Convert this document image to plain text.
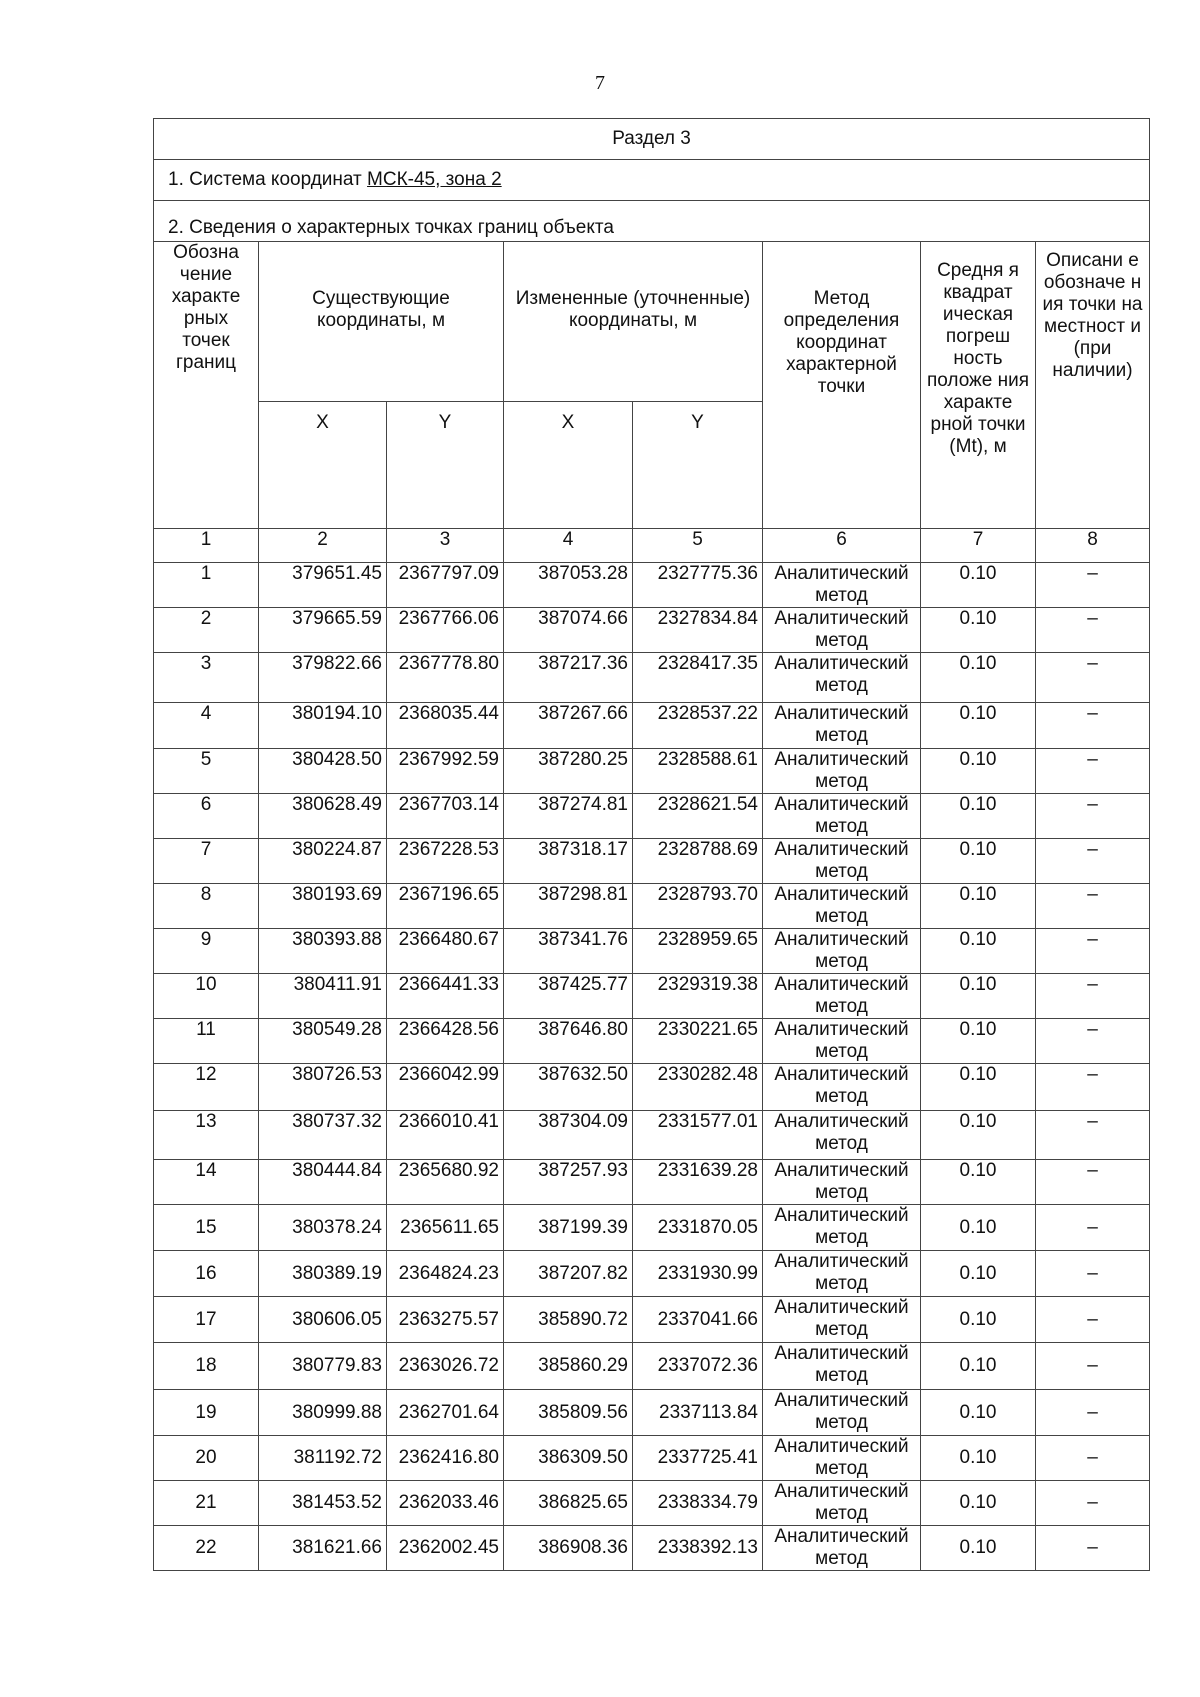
7
Раздел 3							
1. Система координат МСК-45, зона 2							
2. Сведения о характерных точках границ объекта							
Обозна чение характе рных точек границ	Существующие координаты, м		Измененные (уточненные) координаты, м		Метод определения координат характерной точки	Средня я квадрат ическая погреш ность положе ния характе рной точки (Mt), м	Описани е обозначе н ия точки на местност и (при наличии)
	X	Y	X	Y			
1	2	3	4	5	6	7	8
1	379651.45	2367797.09	387053.28	2327775.36	Аналитический метод	0.10	–
2	379665.59	2367766.06	387074.66	2327834.84	Аналитический метод	0.10	–
3	379822.66	2367778.80	387217.36	2328417.35	Аналитический метод	0.10	–
4	380194.10	2368035.44	387267.66	2328537.22	Аналитический метод	0.10	–
5	380428.50	2367992.59	387280.25	2328588.61	Аналитический метод	0.10	–
6	380628.49	2367703.14	387274.81	2328621.54	Аналитический метод	0.10	–
7	380224.87	2367228.53	387318.17	2328788.69	Аналитический метод	0.10	–
8	380193.69	2367196.65	387298.81	2328793.70	Аналитический метод	0.10	–
9	380393.88	2366480.67	387341.76	2328959.65	Аналитический метод	0.10	–
10	380411.91	2366441.33	387425.77	2329319.38	Аналитический метод	0.10	–
11	380549.28	2366428.56	387646.80	2330221.65	Аналитический метод	0.10	–
12	380726.53	2366042.99	387632.50	2330282.48	Аналитический метод	0.10	–
13	380737.32	2366010.41	387304.09	2331577.01	Аналитический метод	0.10	–
14	380444.84	2365680.92	387257.93	2331639.28	Аналитический метод	0.10	–
15	380378.24	2365611.65	387199.39	2331870.05	Аналитический метод	0.10	–
16	380389.19	2364824.23	387207.82	2331930.99	Аналитический метод	0.10	–
17	380606.05	2363275.57	385890.72	2337041.66	Аналитический метод	0.10	–
18	380779.83	2363026.72	385860.29	2337072.36	Аналитический метод	0.10	–
19	380999.88	2362701.64	385809.56	2337113.84	Аналитический метод	0.10	–
20	381192.72	2362416.80	386309.50	2337725.41	Аналитический метод	0.10	–
21	381453.52	2362033.46	386825.65	2338334.79	Аналитический метод	0.10	–
22	381621.66	2362002.45	386908.36	2338392.13	Аналитический метод	0.10	–
